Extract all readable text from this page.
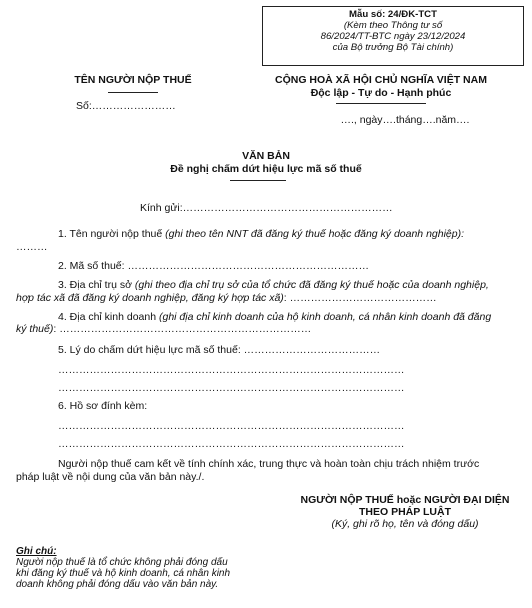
Mẫu số: 24/ĐK-TCT
(Kèm theo Thông tư số
86/2024/TT-BTC ngày 23/12/2024
của Bộ trưởng Bộ Tài chính)
TÊN NGƯỜI NỘP THUẾ
Số:……………………
CỘNG HOÀ XÃ HỘI CHỦ NGHĨA VIỆT NAM
Độc lập - Tự do - Hạnh phúc
…., ngày….tháng….năm….
VĂN BẢN
Đề nghị chấm dứt hiệu lực mã số thuế
Kính gửi:……………………………………………………
1. Tên người nộp thuế (ghi theo tên NNT đã đăng ký thuế hoặc đăng ký doanh nghiệp):
………
2. Mã số thuế: ……………………………………………………………
3. Địa chỉ trụ sở (ghi theo địa chỉ trụ sở của tổ chức đã đăng ký thuế hoặc của doanh nghiệp,
hợp tác xã đã đăng ký doanh nghiệp, đăng ký hợp tác xã): ……………………………………
4. Địa chỉ kinh doanh (ghi địa chỉ kinh doanh của hộ kinh doanh, cá nhân kinh doanh đã đăng
ký thuế): ………………………………………………………………
5. Lý do chấm dứt hiệu lực mã số thuế: …………………………………
………………………………………………………………………………………
………………………………………………………………………………………
6. Hồ sơ đính kèm:
………………………………………………………………………………………
………………………………………………………………………………………
Người nộp thuế cam kết về tính chính xác, trung thực và hoàn toàn chịu trách nhiệm trước
pháp luật về nội dung của văn bản này./.
NGƯỜI NỘP THUẾ hoặc NGƯỜI ĐẠI DIỆN
THEO PHÁP LUẬT
(Ký, ghi rõ họ, tên và đóng dấu)
Ghi chú:
Người nộp thuế là tổ chức không phải đóng dấu
khi đăng ký thuế và hộ kinh doanh, cá nhân kinh
doanh không phải đóng dấu vào văn bản này.
